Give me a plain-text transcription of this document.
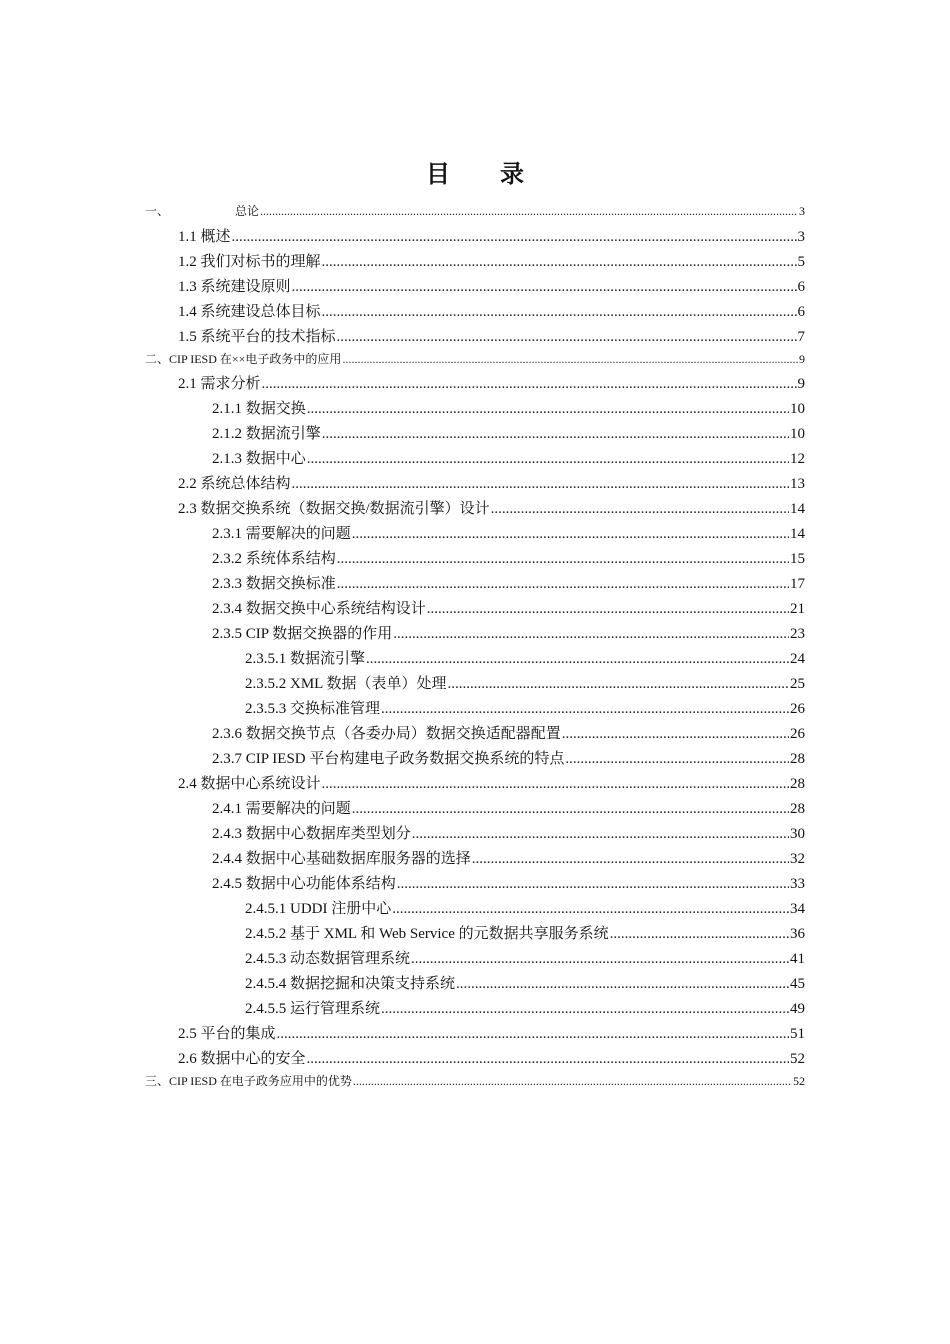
目 录
一、	总论 .....	3
1.1 概述 .....	3
1.2 我们对标书的理解 .....	5
1.3 系统建设原则 .....	6
1.4 系统建设总体目标 .....	6
1.5 系统平台的技术指标 .....	7
二、CIP IESD 在××电子政务中的应用 .....	9
2.1 需求分析 .....	9
2.1.1 数据交换 .....	10
2.1.2 数据流引擎 .....	10
2.1.3 数据中心 .....	12
2.2 系统总体结构 .....	13
2.3 数据交换系统（数据交换/数据流引擎）设计 .....	14
2.3.1 需要解决的问题 .....	14
2.3.2 系统体系结构 .....	15
2.3.3 数据交换标准 .....	17
2.3.4 数据交换中心系统结构设计 .....	21
2.3.5 CIP 数据交换器的作用 .....	23
2.3.5.1 数据流引擎 .....	24
2.3.5.2 XML 数据（表单）处理 .....	25
2.3.5.3 交换标准管理 .....	26
2.3.6 数据交换节点（各委办局）数据交换适配器配置 .....	26
2.3.7 CIP IESD 平台构建电子政务数据交换系统的特点 .....	28
2.4 数据中心系统设计 .....	28
2.4.1 需要解决的问题 .....	28
2.4.3 数据中心数据库类型划分 .....	30
2.4.4 数据中心基础数据库服务器的选择 .....	32
2.4.5 数据中心功能体系结构 .....	33
2.4.5.1 UDDI 注册中心 .....	34
2.4.5.2 基于 XML 和 Web Service 的元数据共享服务系统 .....	36
2.4.5.3 动态数据管理系统 .....	41
2.4.5.4 数据挖掘和决策支持系统 .....	45
2.4.5.5 运行管理系统 .....	49
2.5 平台的集成 .....	51
2.6 数据中心的安全 .....	52
三、CIP IESD 在电子政务应用中的优势 .....	52
